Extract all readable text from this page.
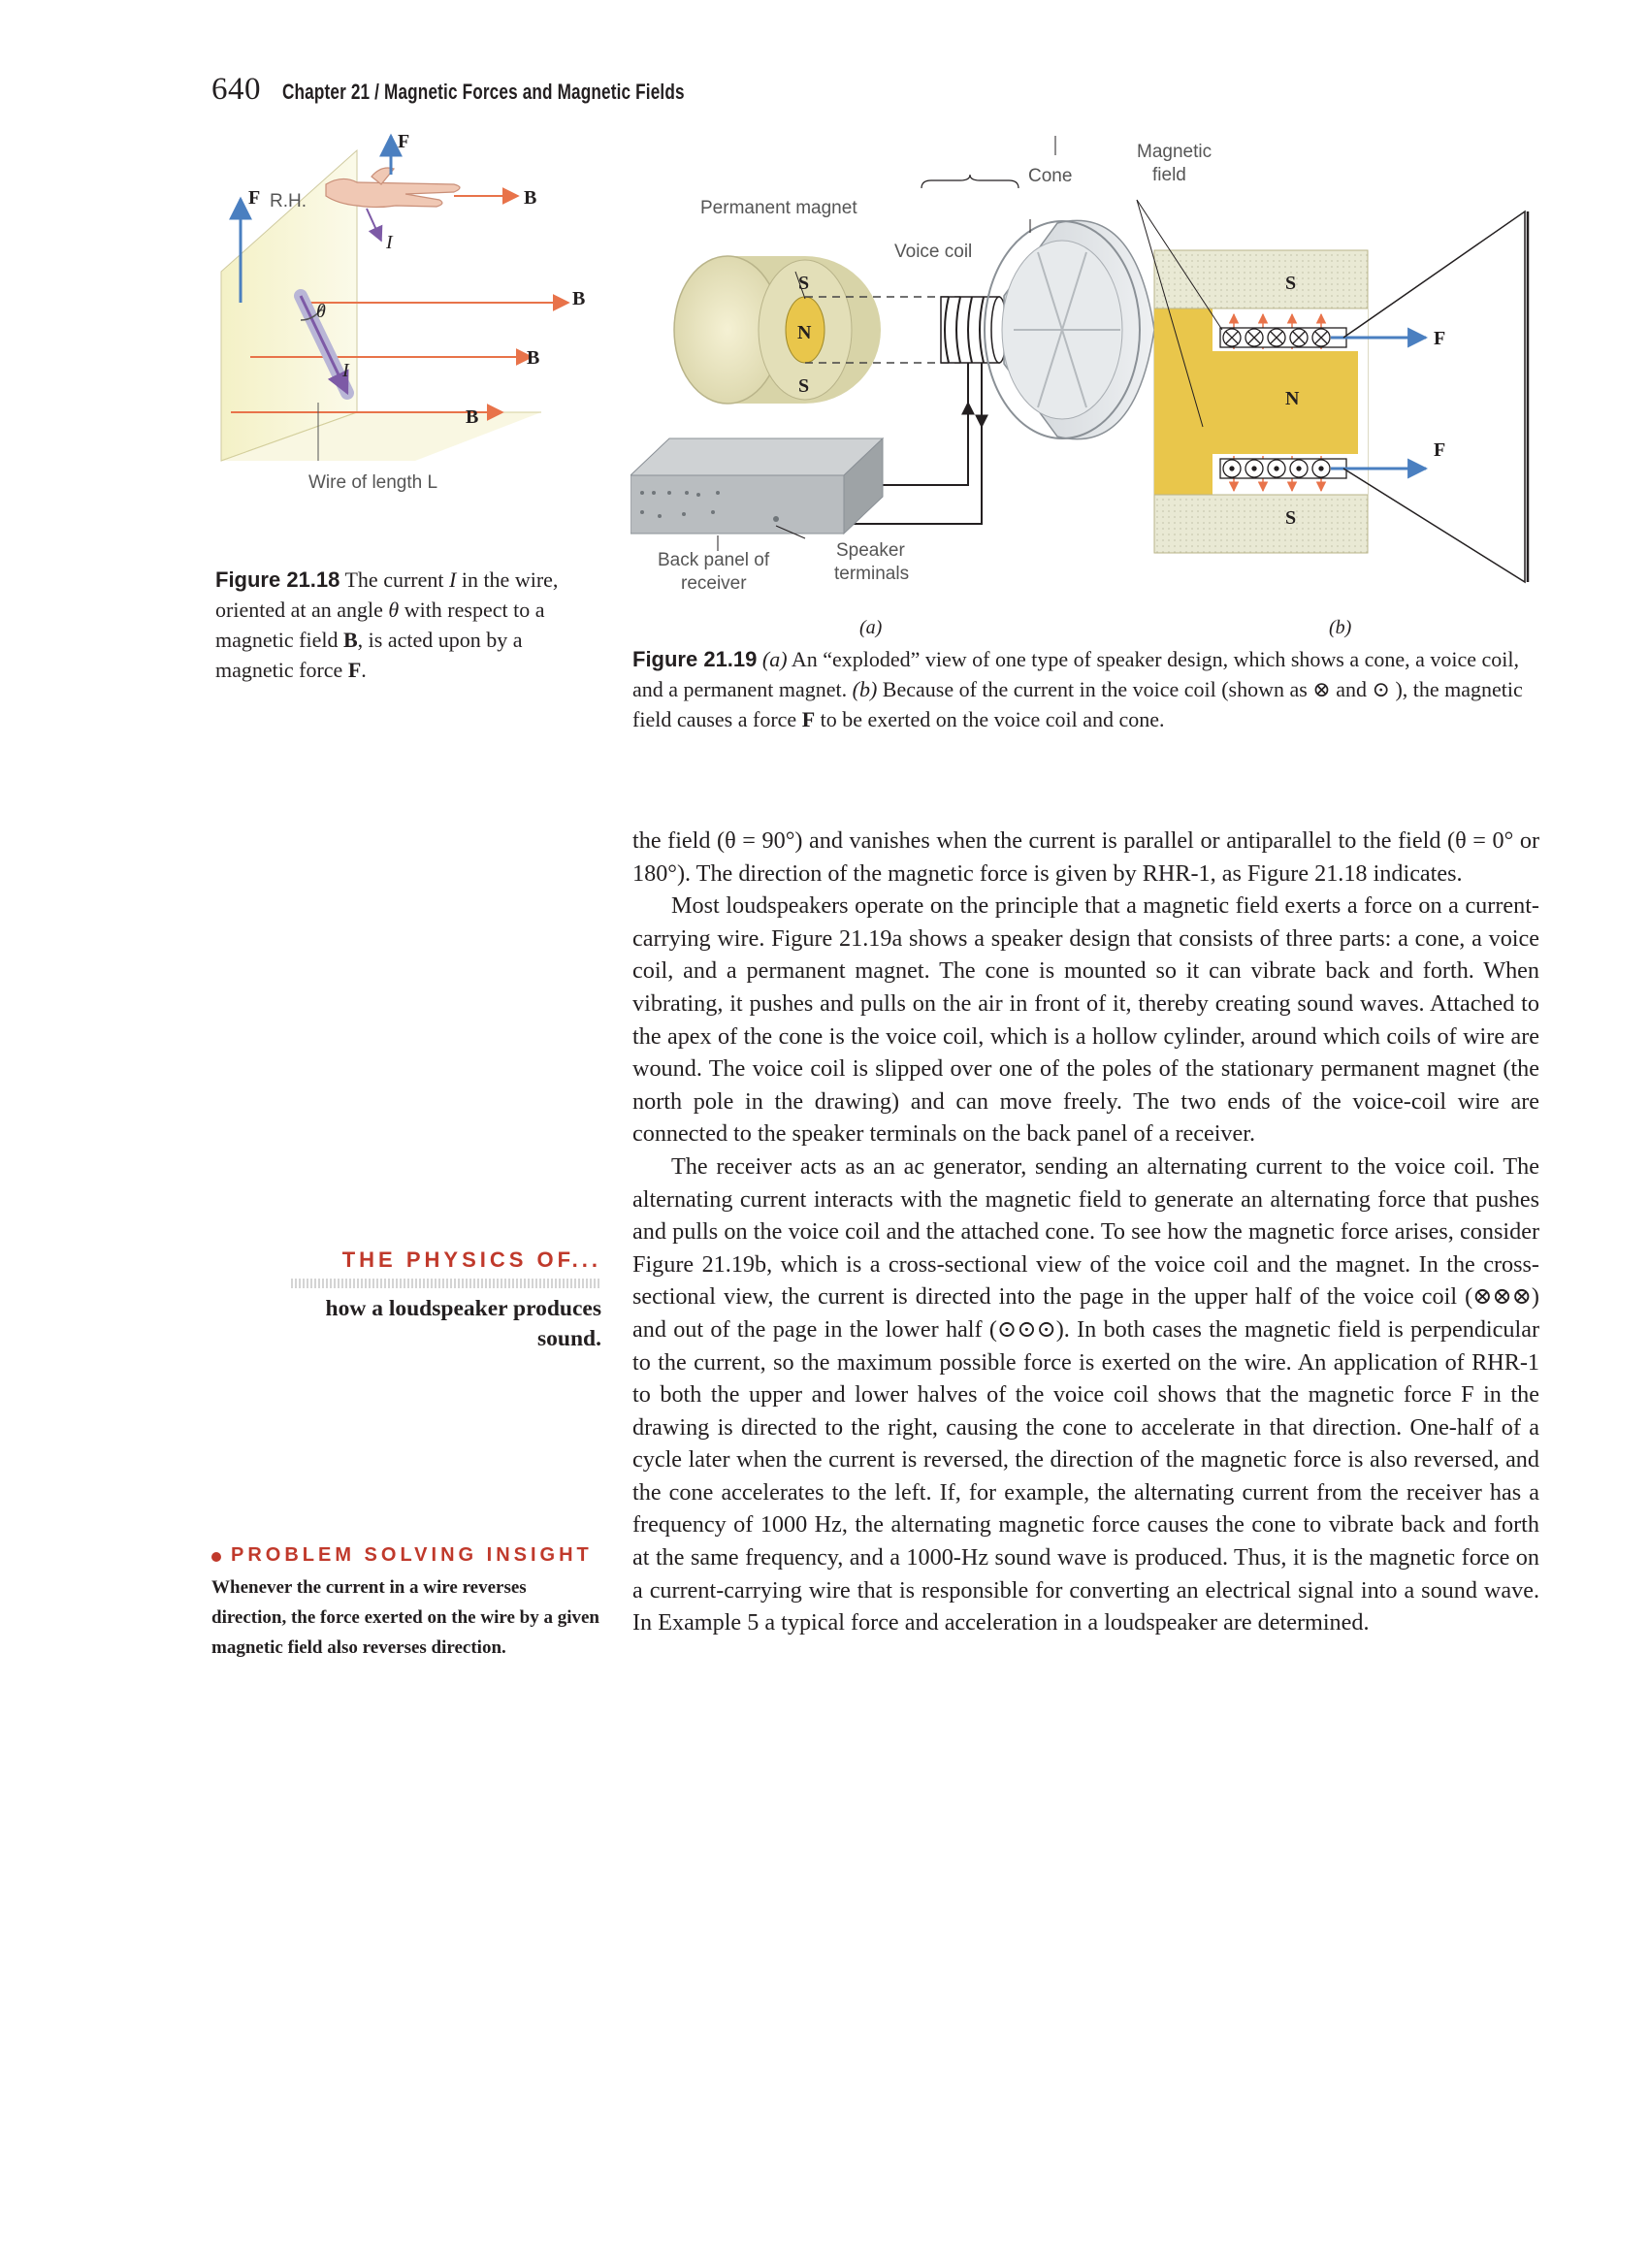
640 Chapter 21 / Magnetic Forces and Magnetic Fields
F
F R.H.	B
I
B
θ
B
I
B
Wire of length L
Figure 21.18 The current I in the wire, oriented at an angle θ with respect to a magnetic field B, is acted upon by a magnetic force F.
Permanent magnet
Voice coil
Cone
S
N
S
Back panel of
receiver
Speaker
terminals
(a)
Magnetic
field
S
N
S
F
F
(b)
Figure 21.19 (a) An “exploded” view of one type of speaker design, which shows a cone, a voice coil, and a permanent magnet. (b) Because of the current in the voice coil (shown as ⊗ and ⊙ ), the magnetic field causes a force F to be exerted on the voice coil and cone.

the field (θ = 90°) and vanishes when the current is parallel or antiparallel to the field (θ = 0° or 180°). The direction of the magnetic force is given by RHR-1, as Figure 21.18 indicates.

Most loudspeakers operate on the principle that a magnetic field exerts a force on a current-carrying wire. Figure 21.19a shows a speaker design that consists of three parts: a cone, a voice coil, and a permanent magnet. The cone is mounted so it can vibrate back and forth. When vibrating, it pushes and pulls on the air in front of it, thereby creating sound waves. Attached to the apex of the cone is the voice coil, which is a hollow cylinder, around which coils of wire are wound. The voice coil is slipped over one of the poles of the stationary permanent magnet (the north pole in the drawing) and can move freely. The two ends of the voice-coil wire are connected to the speaker terminals on the back panel of a receiver.

The receiver acts as an ac generator, sending an alternating current to the voice coil. The alternating current interacts with the magnetic field to generate an alternating force that pushes and pulls on the voice coil and the attached cone. To see how the magnetic force arises, consider Figure 21.19b, which is a cross-sectional view of the voice coil and the magnet. In the cross-sectional view, the current is directed into the page in the upper half of the voice coil (⊗⊗⊗) and out of the page in the lower half (⊙⊙⊙). In both cases the magnetic field is perpendicular to the current, so the maximum possible force is exerted on the wire. An application of RHR-1 to both the upper and lower halves of the voice coil shows that the magnetic force F in the drawing is directed to the right, causing the cone to accelerate in that direction. One-half of a cycle later when the current is reversed, the direction of the magnetic force is also reversed, and the cone accelerates to the left. If, for example, the alternating current from the receiver has a frequency of 1000 Hz, the alternating magnetic force causes the cone to vibrate back and forth at the same frequency, and a 1000-Hz sound wave is produced. Thus, it is the magnetic force on a current-carrying wire that is responsible for converting an electrical signal into a sound wave. In Example 5 a typical force and acceleration in a loudspeaker are determined.

THE PHYSICS OF...
how a loudspeaker produces sound.
PROBLEM SOLVING INSIGHT
Whenever the current in a wire reverses direction, the force exerted on the wire by a given magnetic field also reverses direction.
